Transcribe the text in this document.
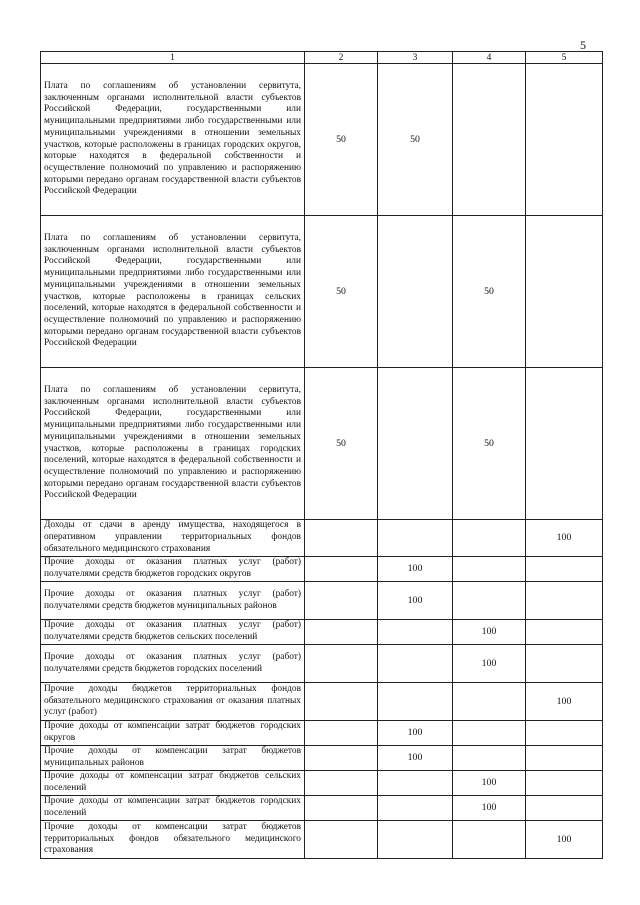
5
1	2	3	4	5
Плата по соглашениям об установлении сервитута, заключенным органами исполнительной власти субъектов Российской Федерации, государственными или муниципальными предприятиями либо государственными или муниципальными учреждениями в отношении земельных участков, которые расположены в границах городских округов, которые находятся в федеральной собственности и осуществление полномочий по управлению и распоряжению которыми передано органам государственной власти субъектов Российской Федерации	50	50		
Плата по соглашениям об установлении сервитута, заключенным органами исполнительной власти субъектов Российской Федерации, государственными или муниципальными предприятиями либо государственными или муниципальными учреждениями в отношении земельных участков, которые расположены в границах сельских поселений, которые находятся в федеральной собственности и осуществление полномочий по управлению и распоряжению которыми передано органам государственной власти субъектов Российской Федерации	50		50	
Плата по соглашениям об установлении сервитута, заключенным органами исполнительной власти субъектов Российской Федерации, государственными или муниципальными предприятиями либо государственными или муниципальными учреждениями в отношении земельных участков, которые расположены в границах городских поселений, которые находятся в федеральной собственности и осуществление полномочий по управлению и распоряжению которыми передано органам государственной власти субъектов Российской Федерации	50		50	
Доходы от сдачи в аренду имущества, находящегося в оперативном управлении территориальных фондов обязательного медицинского страхования				100
Прочие доходы от оказания платных услуг (работ) получателями средств бюджетов городских округов		100		
Прочие доходы от оказания платных услуг (работ) получателями средств бюджетов муниципальных районов		100		
Прочие доходы от оказания платных услуг (работ) получателями средств бюджетов сельских поселений			100	
Прочие доходы от оказания платных услуг (работ) получателями средств бюджетов городских поселений			100	
Прочие доходы бюджетов территориальных фондов обязательного медицинского страхования от оказания платных услуг (работ)				100
Прочие доходы от компенсации затрат бюджетов городских округов		100		
Прочие доходы от компенсации затрат бюджетов муниципальных районов		100		
Прочие доходы от компенсации затрат бюджетов сельских поселений			100	
Прочие доходы от компенсации затрат бюджетов городских поселений			100	
Прочие доходы от компенсации затрат бюджетов территориальных фондов обязательного медицинского страхования				100
